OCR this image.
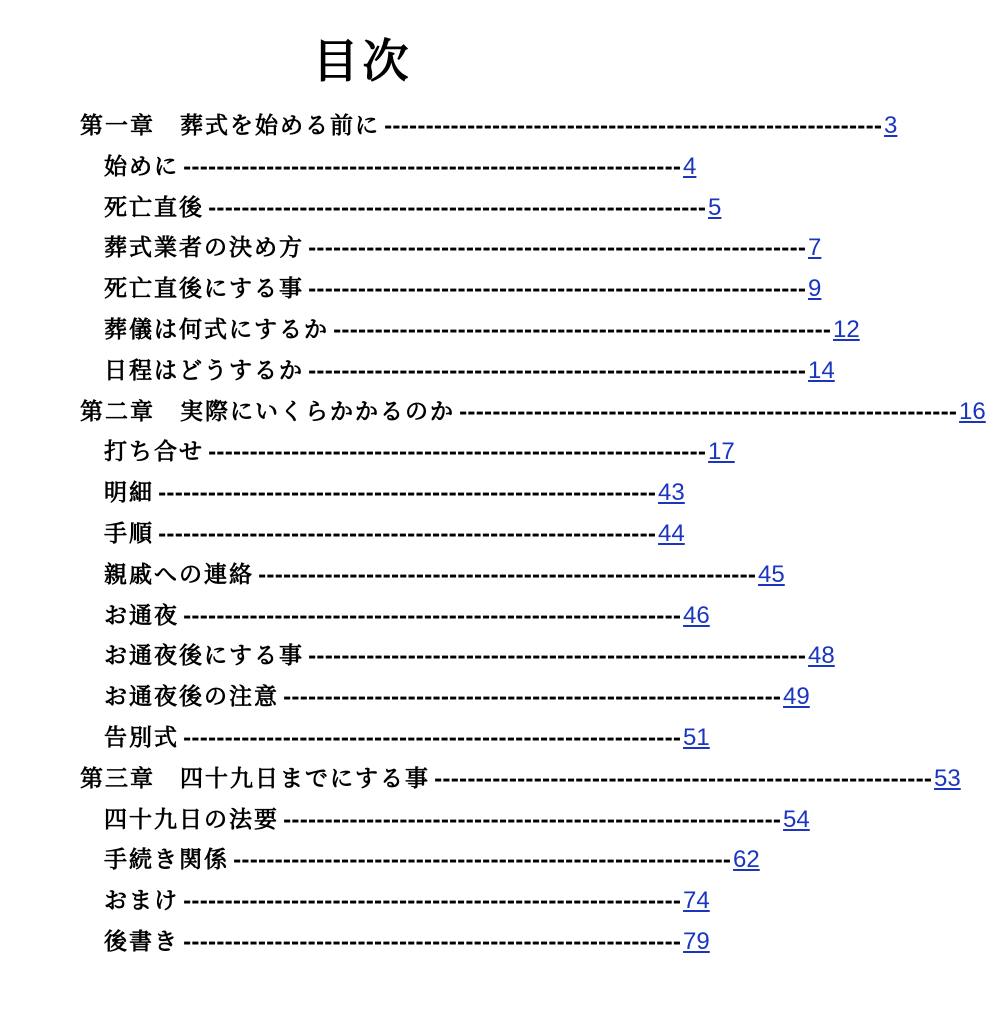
目次
第一章　葬式を始める前に ------------------------------------------------------------ 3
始めに ------------------------------------------------------------ 4
死亡直後 ------------------------------------------------------------ 5
葬式業者の決め方 ------------------------------------------------------------ 7
死亡直後にする事 ------------------------------------------------------------ 9
葬儀は何式にするか ------------------------------------------------------------ 12
日程はどうするか ------------------------------------------------------------ 14
第二章　実際にいくらかかるのか ------------------------------------------------------------ 16
打ち合せ ------------------------------------------------------------ 17
明細 ------------------------------------------------------------ 43
手順 ------------------------------------------------------------ 44
親戚への連絡 ------------------------------------------------------------ 45
お通夜 ------------------------------------------------------------ 46
お通夜後にする事 ------------------------------------------------------------ 48
お通夜後の注意 ------------------------------------------------------------ 49
告別式 ------------------------------------------------------------ 51
第三章　四十九日までにする事 ------------------------------------------------------------ 53
四十九日の法要 ------------------------------------------------------------ 54
手続き関係 ------------------------------------------------------------ 62
おまけ ------------------------------------------------------------ 74
後書き ------------------------------------------------------------ 79
